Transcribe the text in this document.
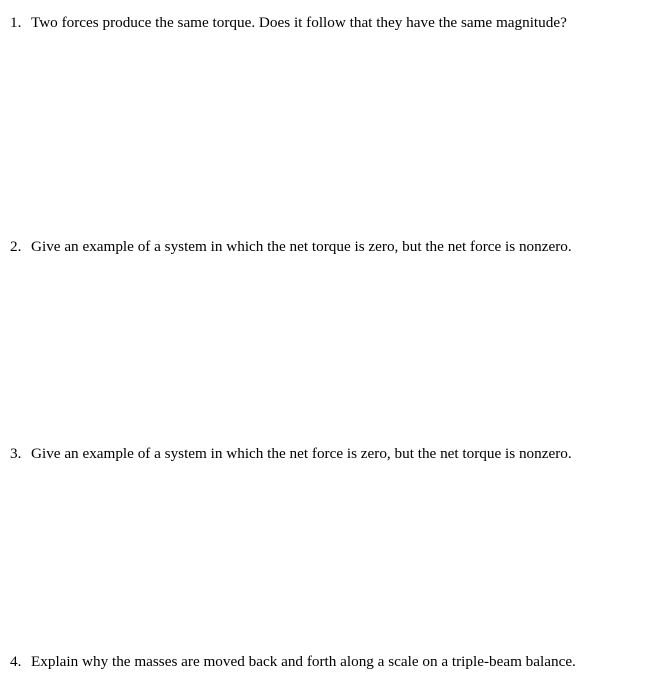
1. Two forces produce the same torque. Does it follow that they have the same magnitude?
2. Give an example of a system in which the net torque is zero, but the net force is nonzero.
3. Give an example of a system in which the net force is zero, but the net torque is nonzero.
4. Explain why the masses are moved back and forth along a scale on a triple-beam balance.
